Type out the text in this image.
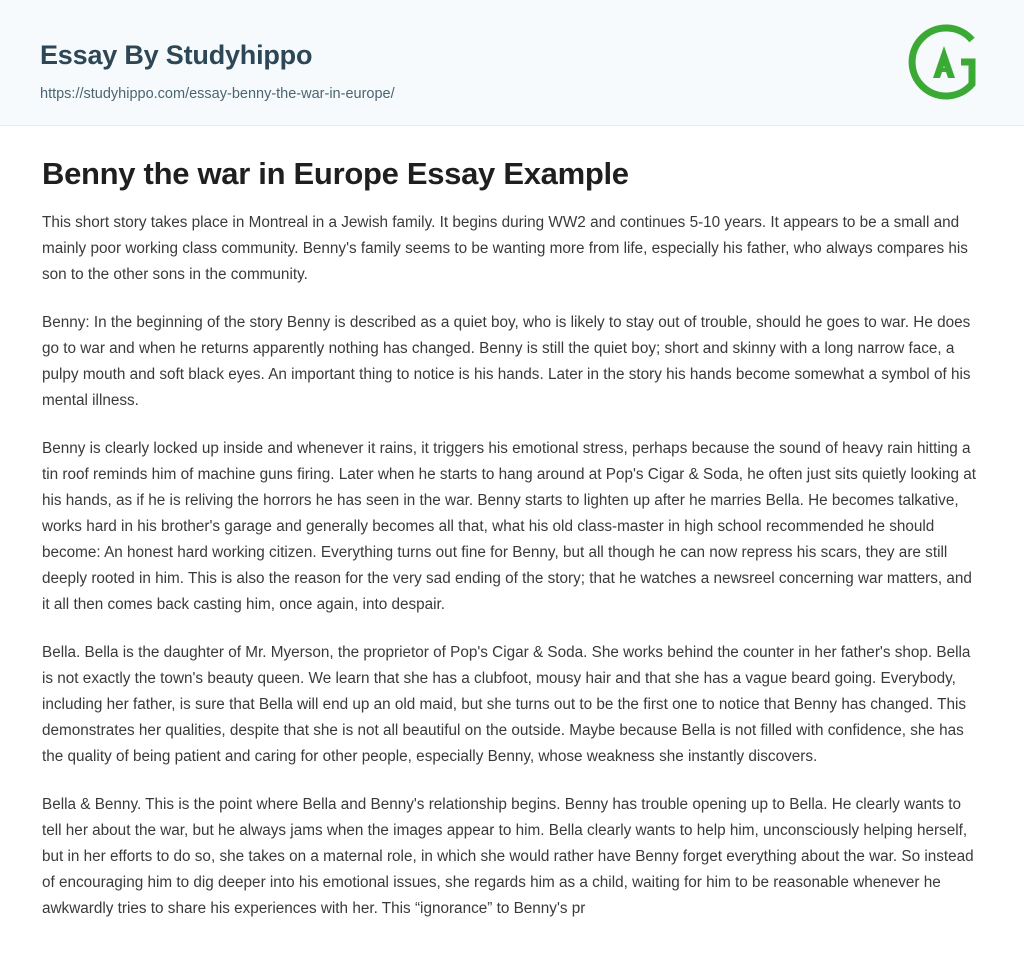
Essay By Studyhippo
https://studyhippo.com/essay-benny-the-war-in-europe/
Benny the war in Europe Essay Example

This short story takes place in Montreal in a Jewish family. It begins during WW2 and continues 5-10 years. It appears to be a small and mainly poor working class community. Benny's family seems to be wanting more from life, especially his father, who always compares his son to the other sons in the community.

Benny: In the beginning of the story Benny is described as a quiet boy, who is likely to stay out of trouble, should he goes to war. He does go to war and when he returns apparently nothing has changed. Benny is still the quiet boy; short and skinny with a long narrow face, a pulpy mouth and soft black eyes. An important thing to notice is his hands. Later in the story his hands become somewhat a symbol of his mental illness.

Benny is clearly locked up inside and whenever it rains, it triggers his emotional stress, perhaps because the sound of heavy rain hitting a tin roof reminds him of machine guns firing. Later when he starts to hang around at Pop's Cigar & Soda, he often just sits quietly looking at his hands, as if he is reliving the horrors he has seen in the war. Benny starts to lighten up after he marries Bella. He becomes talkative, works hard in his brother's garage and generally becomes all that, what his old class-master in high school recommended he should become: An honest hard working citizen. Everything turns out fine for Benny, but all though he can now repress his scars, they are still deeply rooted in him. This is also the reason for the very sad ending of the story; that he watches a newsreel concerning war matters, and it all then comes back casting him, once again, into despair.

Bella. Bella is the daughter of Mr. Myerson, the proprietor of Pop's Cigar & Soda. She works behind the counter in her father's shop. Bella is not exactly the town's beauty queen. We learn that she has a clubfoot, mousy hair and that she has a vague beard going. Everybody, including her father, is sure that Bella will end up an old maid, but she turns out to be the first one to notice that Benny has changed. This demonstrates her qualities, despite that she is not all beautiful on the outside. Maybe because Bella is not filled with confidence, she has the quality of being patient and caring for other people, especially Benny, whose weakness she instantly discovers.

Bella & Benny. This is the point where Bella and Benny's relationship begins. Benny has trouble opening up to Bella. He clearly wants to tell her about the war, but he always jams when the images appear to him. Bella clearly wants to help him, unconsciously helping herself, but in her efforts to do so, she takes on a maternal role, in which she would rather have Benny forget everything about the war. So instead of encouraging him to dig deeper into his emotional issues, she regards him as a child, waiting for him to be reasonable whenever he awkwardly tries to share his experiences with her. This “ignorance” to Benny's pr
